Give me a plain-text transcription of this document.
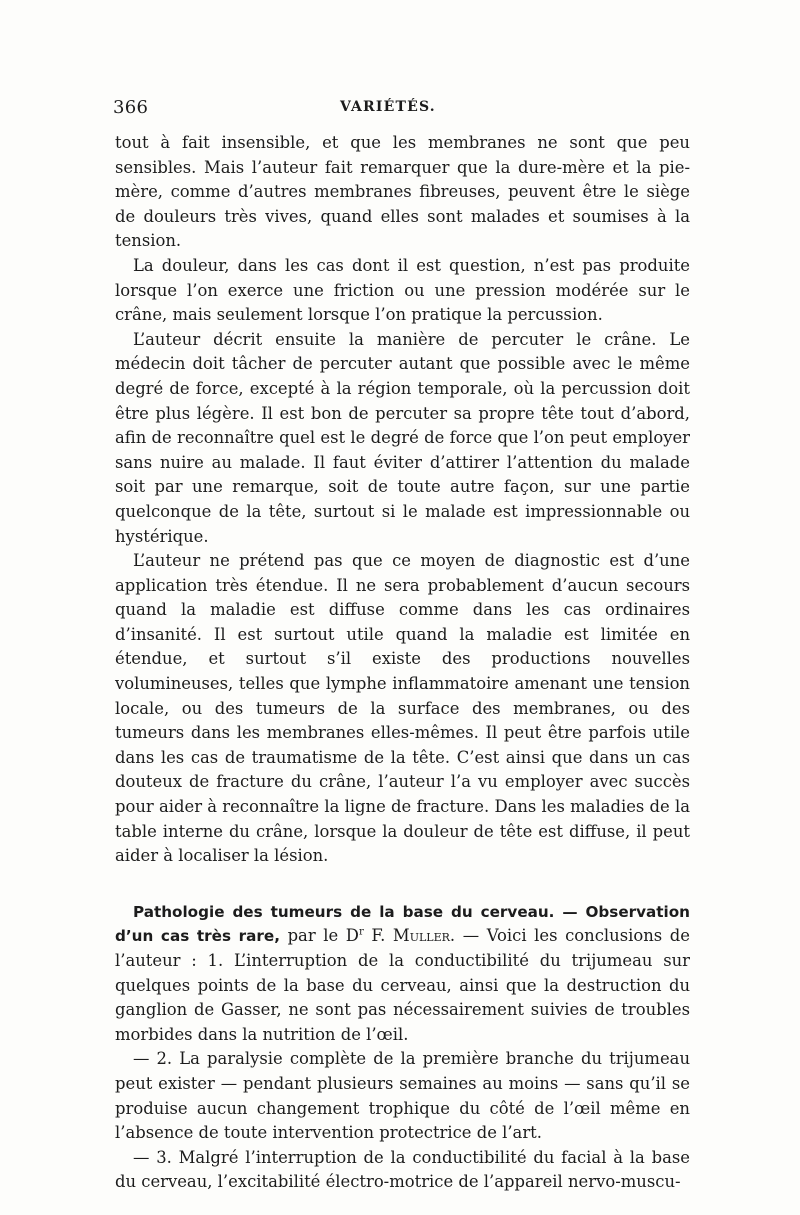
366	VARIÉTÉS.

tout à fait insensible, et que les membranes ne sont que peu sensibles. Mais l’auteur fait remarquer que la dure-mère et la pie-mère, comme d’autres membranes fibreuses, peuvent être le siège de douleurs très vives, quand elles sont malades et soumises à la tension.

La douleur, dans les cas dont il est question, n’est pas produite lorsque l’on exerce une friction ou une pression modérée sur le crâne, mais seulement lorsque l’on pratique la percussion.

L’auteur décrit ensuite la manière de percuter le crâne. Le médecin doit tâcher de percuter autant que possible avec le même degré de force, excepté à la région temporale, où la percussion doit être plus légère. Il est bon de percuter sa propre tête tout d’abord, afin de reconnaître quel est le degré de force que l’on peut employer sans nuire au malade. Il faut éviter d’attirer l’attention du malade soit par une remarque, soit de toute autre façon, sur une partie quelconque de la tête, surtout si le malade est impressionnable ou hystérique.

L’auteur ne prétend pas que ce moyen de diagnostic est d’une application très étendue. Il ne sera probablement d’aucun secours quand la maladie est diffuse comme dans les cas ordinaires d’insanité. Il est surtout utile quand la maladie est limitée en étendue, et surtout s’il existe des productions nouvelles volumineuses, telles que lymphe inflammatoire amenant une tension locale, ou des tumeurs de la surface des membranes, ou des tumeurs dans les membranes elles-mêmes. Il peut être parfois utile dans les cas de traumatisme de la tête. C’est ainsi que dans un cas douteux de fracture du crâne, l’auteur l’a vu employer avec succès pour aider à reconnaître la ligne de fracture. Dans les maladies de la table interne du crâne, lorsque la douleur de tête est diffuse, il peut aider à localiser la lésion.

Pathologie des tumeurs de la base du cerveau. — Observation d’un cas très rare, par le $D^r$ F. Muller. — Voici les conclusions de l’auteur : 1. L’interruption de la conductibilité du trijumeau sur quelques points de la base du cerveau, ainsi que la destruction du ganglion de Gasser, ne sont pas nécessairement suivies de troubles morbides dans la nutrition de l’œil.

— 2. La paralysie complète de la première branche du trijumeau peut exister — pendant plusieurs semaines au moins — sans qu’il se produise aucun changement trophique du côté de l’œil même en l’absence de toute intervention protectrice de l’art.

— 3. Malgré l’interruption de la conductibilité du facial à la base du cerveau, l’excitabilité électro-motrice de l’appareil nervo-muscu-
